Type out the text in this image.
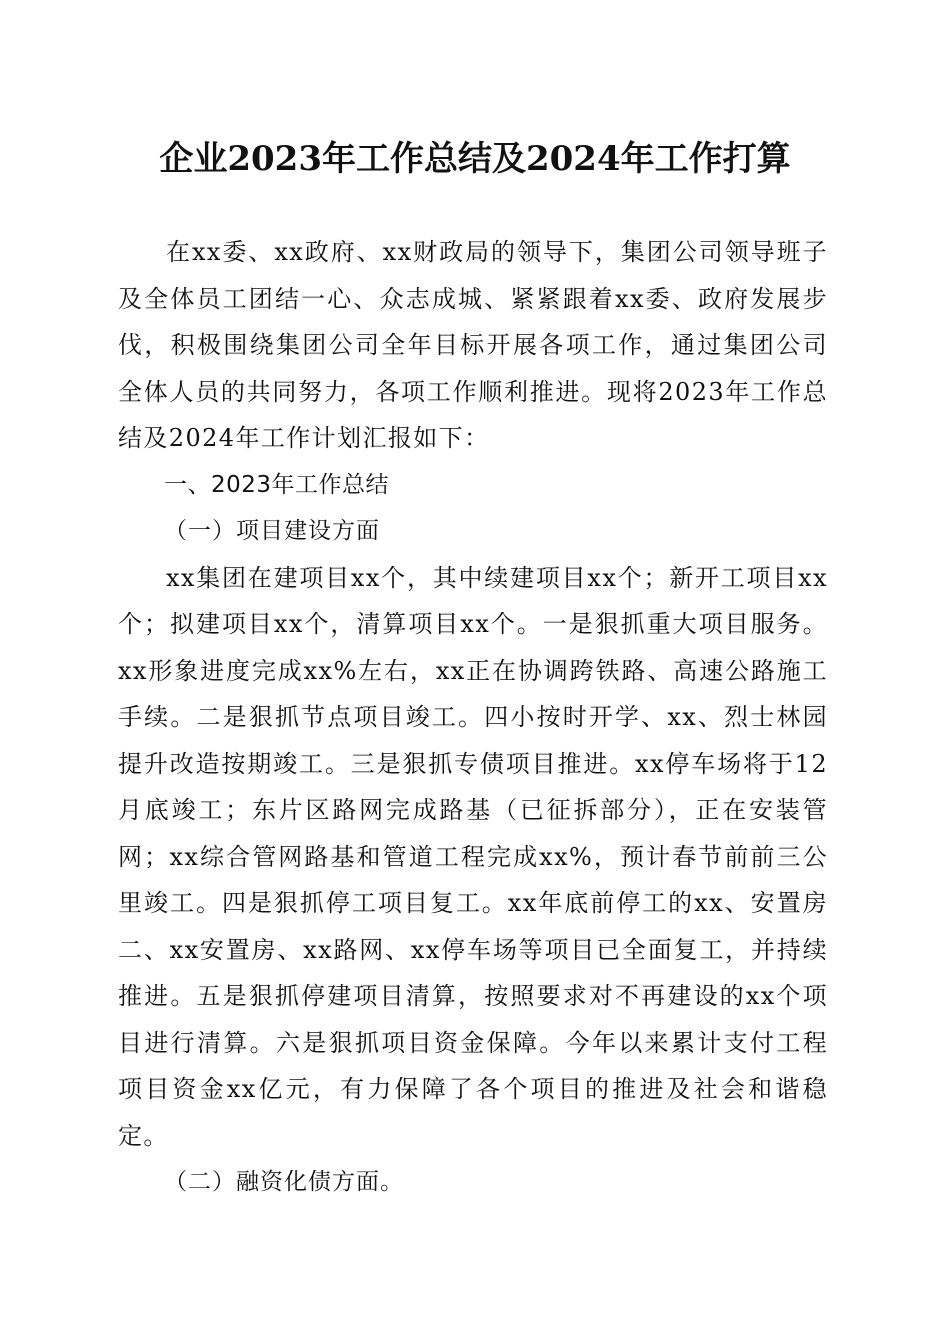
企业2023年工作总结及2024年工作打算

在xx委、xx政府、xx财政局的领导下，集团公司领导班子及全体员工团结一心、众志成城、紧紧跟着xx委、政府发展步伐，积极围绕集团公司全年目标开展各项工作，通过集团公司全体人员的共同努力，各项工作顺利推进。现将2023年工作总结及2024年工作计划汇报如下：

一、2023年工作总结

（一）项目建设方面

xx集团在建项目xx个，其中续建项目xx个；新开工项目xx个；拟建项目xx个，清算项目xx个。一是狠抓重大项目服务。xx形象进度完成xx%左右，xx正在协调跨铁路、高速公路施工手续。二是狠抓节点项目竣工。四小按时开学、xx、烈士林园提升改造按期竣工。三是狠抓专债项目推进。xx停车场将于12月底竣工；东片区路网完成路基（已征拆部分），正在安装管网；xx综合管网路基和管道工程完成xx%，预计春节前前三公里竣工。四是狠抓停工项目复工。xx年底前停工的xx、安置房二、xx安置房、xx路网、xx停车场等项目已全面复工，并持续推进。五是狠抓停建项目清算，按照要求对不再建设的xx个项目进行清算。六是狠抓项目资金保障。今年以来累计支付工程项目资金xx亿元，有力保障了各个项目的推进及社会和谐稳定。

（二）融资化债方面。
